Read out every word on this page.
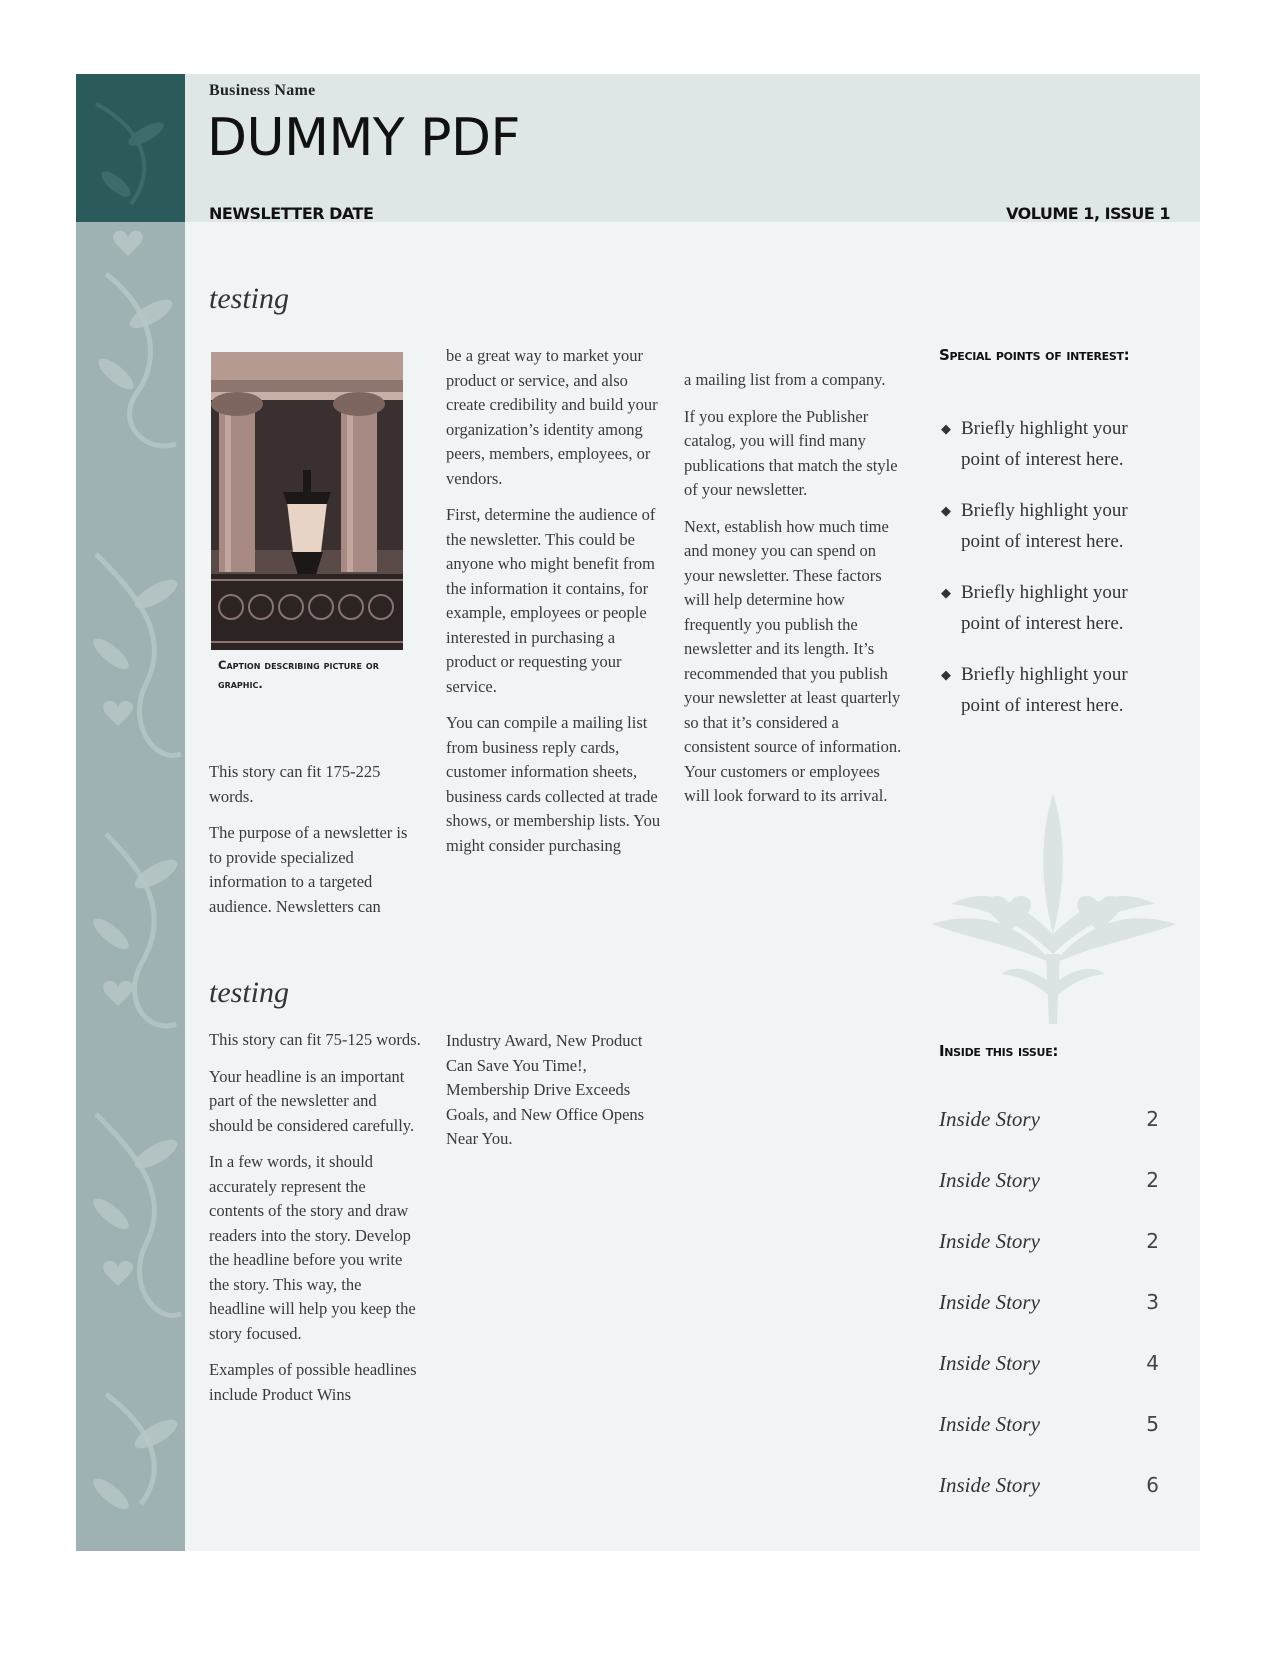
Business Name
DUMMY PDF
NEWSLETTER DATE	VOLUME 1, ISSUE 1
testing
Caption describing picture or graphic.

This story can fit 175-225 words.

The purpose of a newsletter is to provide specialized information to a targeted audience. Newsletters can

be a great way to market your product or service, and also create credibility and build your organization’s identity among peers, members, employees, or vendors.

First, determine the audience of the newsletter. This could be anyone who might benefit from the information it contains, for example, employees or people interested in purchasing a product or requesting your service.

You can compile a mailing list from business reply cards, customer information sheets, business cards collected at trade shows, or membership lists. You might consider purchasing

a mailing list from a company.

If you explore the Publisher catalog, you will find many publications that match the style of your newsletter.

Next, establish how much time and money you can spend on your newsletter. These factors will help determine how frequently you publish the newsletter and its length. It’s recommended that you publish your newsletter at least quarterly so that it’s considered a consistent source of information. Your customers or employees will look forward to its arrival.

Special points of interest:
◆ Briefly highlight your point of interest here.
◆ Briefly highlight your point of interest here.
◆ Briefly highlight your point of interest here.
◆ Briefly highlight your point of interest here.
testing

This story can fit 75-125 words.

Your headline is an important part of the newsletter and should be considered carefully.

In a few words, it should accurately represent the contents of the story and draw readers into the story. Develop the headline before you write the story. This way, the headline will help you keep the story focused.

Examples of possible headlines include Product Wins

Industry Award, New Product Can Save You Time!, Membership Drive Exceeds Goals, and New Office Opens Near You.

Inside this issue:
Inside Story	2
Inside Story	2
Inside Story	2
Inside Story	3
Inside Story	4
Inside Story	5
Inside Story	6
